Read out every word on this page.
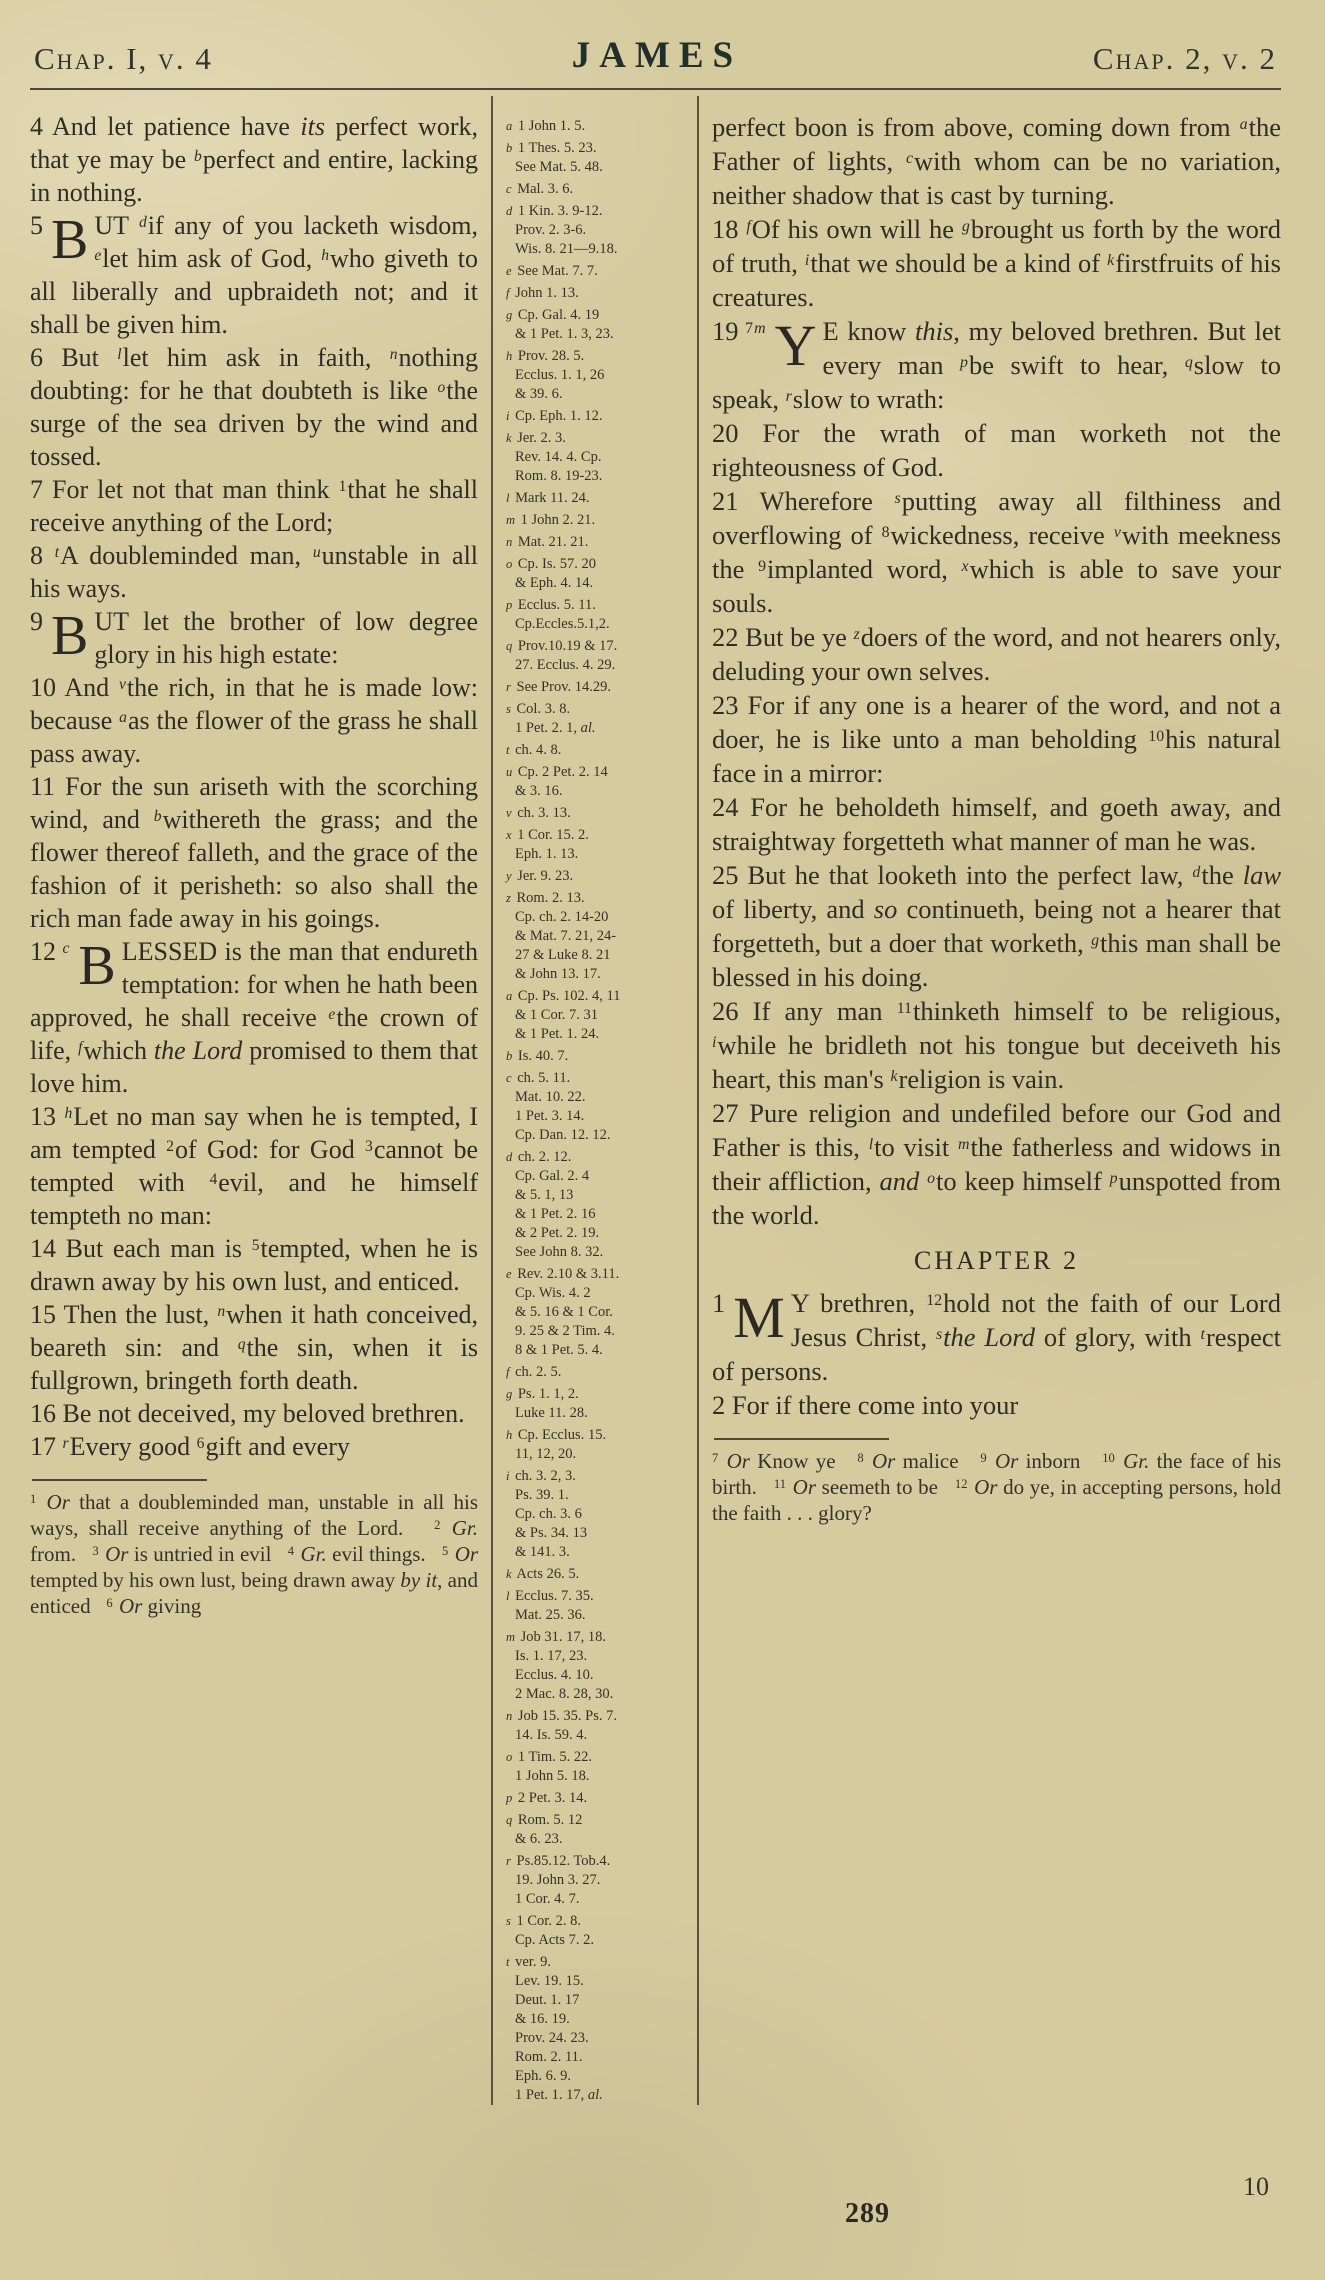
Chap. I, v. 4	JAMES	Chap. 2, v. 2

4 And let patience have its perfect work, that ye may be $^b$perfect and entire, lacking in nothing.

5 B UT $^d$if any of you lacketh wisdom, $^e$let him ask of God, $^h$who giveth to all liberally and upbraideth not; and it shall be given him.

6 But $^l$let him ask in faith, $^n$nothing doubting: for he that doubteth is like $^o$the surge of the sea driven by the wind and tossed.

7 For let not that man think $^1$that he shall receive anything of the Lord;

8 $^t$A doubleminded man, $^u$unstable in all his ways.

9 B UT let the brother of low degree glory in his high estate:

10 And $^v$the rich, in that he is made low: because $^a$as the flower of the grass he shall pass away.

11 For the sun ariseth with the scorching wind, and $^b$withereth the grass; and the flower thereof falleth, and the grace of the fashion of it perisheth: so also shall the rich man fade away in his goings.

12 $^c$ B LESSED is the man that endureth temptation: for when he hath been approved, he shall receive $^e$the crown of life, $^f$which the Lord promised to them that love him.

13 $^h$Let no man say when he is tempted, I am tempted $^2$of God: for God $^3$cannot be tempted with $^4$evil, and he himself tempteth no man:

14 But each man is $^5$tempted, when he is drawn away by his own lust, and enticed.

15 Then the lust, $^n$when it hath conceived, beareth sin: and $^q$the sin, when it is fullgrown, bringeth forth death.

16 Be not deceived, my beloved brethren.

17 $^r$Every good $^6$gift and every

$^1$ Or that a doubleminded man, unstable in all his ways, shall receive anything of the Lord.   $^2$ Gr. from.   $^3$ Or is untried in evil   $^4$ Gr. evil things.   $^5$ Or tempted by his own lust, being drawn away by it, and enticed   $^6$ Or giving

a 1 John 1. 5.
b 1 Thes. 5. 23.
See Mat. 5. 48.
c Mal. 3. 6.
d 1 Kin. 3. 9-12.
Prov. 2. 3-6.
Wis. 8. 21—9.18.
e See Mat. 7. 7.
f John 1. 13.
g Cp. Gal. 4. 19
& 1 Pet. 1. 3, 23.
h Prov. 28. 5.
Ecclus. 1. 1, 26
& 39. 6.
i Cp. Eph. 1. 12.
k Jer. 2. 3.
Rev. 14. 4. Cp.
Rom. 8. 19-23.
l Mark 11. 24.
m 1 John 2. 21.
n Mat. 21. 21.
o Cp. Is. 57. 20
& Eph. 4. 14.
p Ecclus. 5. 11.
Cp.Eccles.5.1,2.
q Prov.10.19 & 17.
27. Ecclus. 4. 29.
r See Prov. 14.29.
s Col. 3. 8.
1 Pet. 2. 1, al.
t ch. 4. 8.
u Cp. 2 Pet. 2. 14
& 3. 16.
v ch. 3. 13.
x 1 Cor. 15. 2.
Eph. 1. 13.
y Jer. 9. 23.
z Rom. 2. 13.
Cp. ch. 2. 14-20
& Mat. 7. 21, 24-
27 & Luke 8. 21
& John 13. 17.
a Cp. Ps. 102. 4, 11
& 1 Cor. 7. 31
& 1 Pet. 1. 24.
b Is. 40. 7.
c ch. 5. 11.
Mat. 10. 22.
1 Pet. 3. 14.
Cp. Dan. 12. 12.
d ch. 2. 12.
Cp. Gal. 2. 4
& 5. 1, 13
& 1 Pet. 2. 16
& 2 Pet. 2. 19.
See John 8. 32.
e Rev. 2.10 & 3.11.
Cp. Wis. 4. 2
& 5. 16 & 1 Cor.
9. 25 & 2 Tim. 4.
8 & 1 Pet. 5. 4.
f ch. 2. 5.
g Ps. 1. 1, 2.
Luke 11. 28.
h Cp. Ecclus. 15.
11, 12, 20.
i ch. 3. 2, 3.
Ps. 39. 1.
Cp. ch. 3. 6
& Ps. 34. 13
& 141. 3.
k Acts 26. 5.
l Ecclus. 7. 35.
Mat. 25. 36.
m Job 31. 17, 18.
Is. 1. 17, 23.
Ecclus. 4. 10.
2 Mac. 8. 28, 30.
n Job 15. 35. Ps. 7.
14. Is. 59. 4.
o 1 Tim. 5. 22.
1 John 5. 18.
p 2 Pet. 3. 14.
q Rom. 5. 12
& 6. 23.
r Ps.85.12. Tob.4.
19. John 3. 27.
1 Cor. 4. 7.
s 1 Cor. 2. 8.
Cp. Acts 7. 2.
t ver. 9.
Lev. 19. 15.
Deut. 1. 17
& 16. 19.
Prov. 24. 23.
Rom. 2. 11.
Eph. 6. 9.
1 Pet. 1. 17, al.

perfect boon is from above, coming down from $^a$the Father of lights, $^c$with whom can be no variation, neither shadow that is cast by turning.

18 $^f$Of his own will he $^g$brought us forth by the word of truth, $^i$that we should be a kind of $^k$firstfruits of his creatures.

19 $^{7m}$ Y E know this, my beloved brethren. But let every man $^p$be swift to hear, $^q$slow to speak, $^r$slow to wrath:

20 For the wrath of man worketh not the righteousness of God.

21 Wherefore $^s$putting away all filthiness and overflowing of $^8$wickedness, receive $^v$with meekness the $^9$implanted word, $^x$which is able to save your souls.

22 But be ye $^z$doers of the word, and not hearers only, deluding your own selves.

23 For if any one is a hearer of the word, and not a doer, he is like unto a man beholding $^{10}$his natural face in a mirror:

24 For he beholdeth himself, and goeth away, and straightway forgetteth what manner of man he was.

25 But he that looketh into the perfect law, $^d$the law of liberty, and so continueth, being not a hearer that forgetteth, but a doer that worketh, $^g$this man shall be blessed in his doing.

26 If any man $^{11}$thinketh himself to be religious, $^i$while he bridleth not his tongue but deceiveth his heart, this man's $^k$religion is vain.

27 Pure religion and undefiled before our God and Father is this, $^l$to visit $^m$the fatherless and widows in their affliction, and $^o$to keep himself $^p$unspotted from the world.

CHAPTER 2

1 M Y brethren, $^{12}$hold not the faith of our Lord Jesus Christ, $^s$the Lord of glory, with $^t$respect of persons.

2 For if there come into your

$^7$ Or Know ye   $^8$ Or malice   $^9$ Or inborn   $^{10}$ Gr. the face of his birth.   $^{11}$ Or seemeth to be   $^{12}$ Or do ye, in accepting persons, hold the faith . . . glory?

289
10
